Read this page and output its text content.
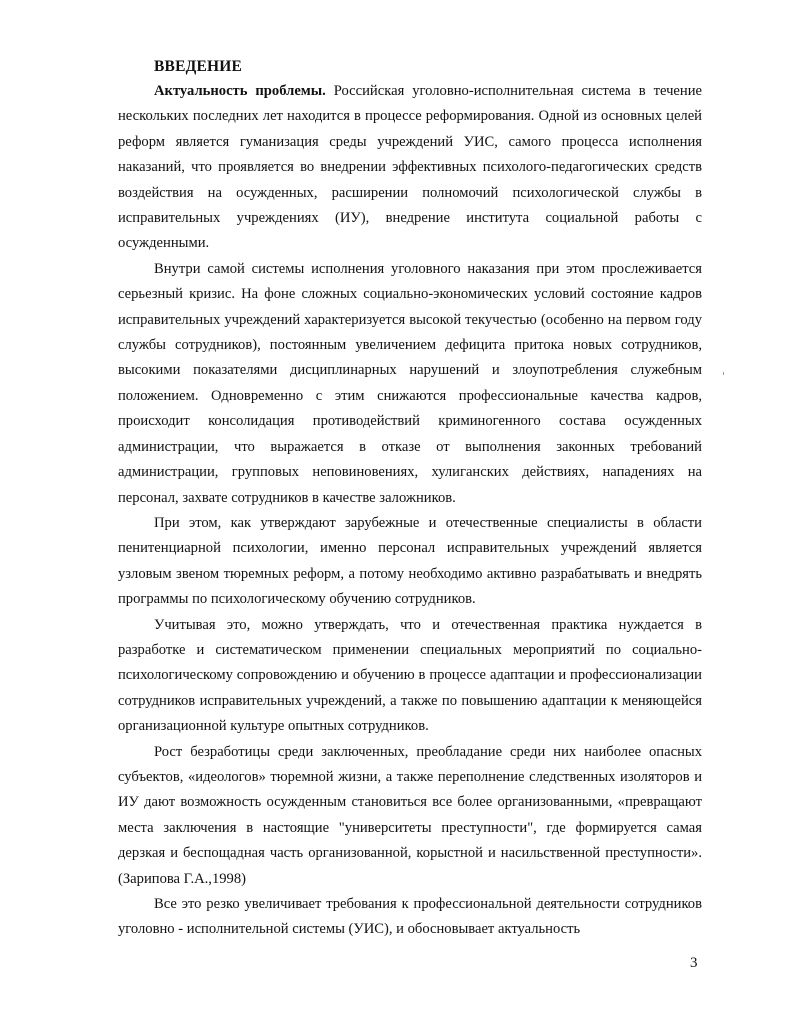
ВВЕДЕНИЕ

Актуальность проблемы. Российская уголовно-исполнительная система в течение нескольких последних лет находится в процессе реформирования. Одной из основных целей реформ является гуманизация среды учреждений УИС, самого процесса исполнения наказаний, что проявляется во внедрении эффективных психолого-педагогических средств воздействия на осужденных, расширении полномочий психологической службы в исправительных учреждениях (ИУ), внедрение института социальной работы с осужденными.

Внутри самой системы исполнения уголовного наказания при этом прослеживается серьезный кризис. На фоне сложных социально-экономических условий состояние кадров исправительных учреждений характеризуется высокой текучестью (особенно на первом году службы сотрудников), постоянным увеличением дефицита притока новых сотрудников, высокими показателями дисциплинарных нарушений и злоупотребления служебным положением. Одновременно с этим снижаются профессиональные качества кадров, происходит консолидация противодействий криминогенного состава осужденных администрации, что выражается в отказе от выполнения законных требований администрации, групповых неповиновениях, хулиганских действиях, нападениях на персонал, захвате сотрудников в качестве заложников.

При этом, как утверждают зарубежные и отечественные специалисты в области пенитенциарной психологии, именно персонал исправительных учреждений является узловым звеном тюремных реформ, а потому необходимо активно разрабатывать и внедрять программы по психологическому обучению сотрудников.

Учитывая это, можно утверждать, что и отечественная практика нуждается в разработке и систематическом применении специальных мероприятий по социально-психологическому сопровождению и обучению в процессе адаптации и профессионализации сотрудников исправительных учреждений, а также по повышению адаптации к меняющейся организационной культуре опытных сотрудников.

Рост безработицы среди заключенных, преобладание среди них наиболее опасных субъектов, «идеологов» тюремной жизни, а также переполнение следственных изоляторов и ИУ дают возможность осужденным становиться все более организованными, «превращают места заключения в настоящие "университеты преступности", где формируется самая дерзкая и беспощадная часть организованной, корыстной и насильственной преступности». (Зарипова Г.А.,1998)

Все это резко увеличивает требования к профессиональной деятельности сотрудников уголовно - исполнительной системы (УИС), и обосновывает актуальность

3
